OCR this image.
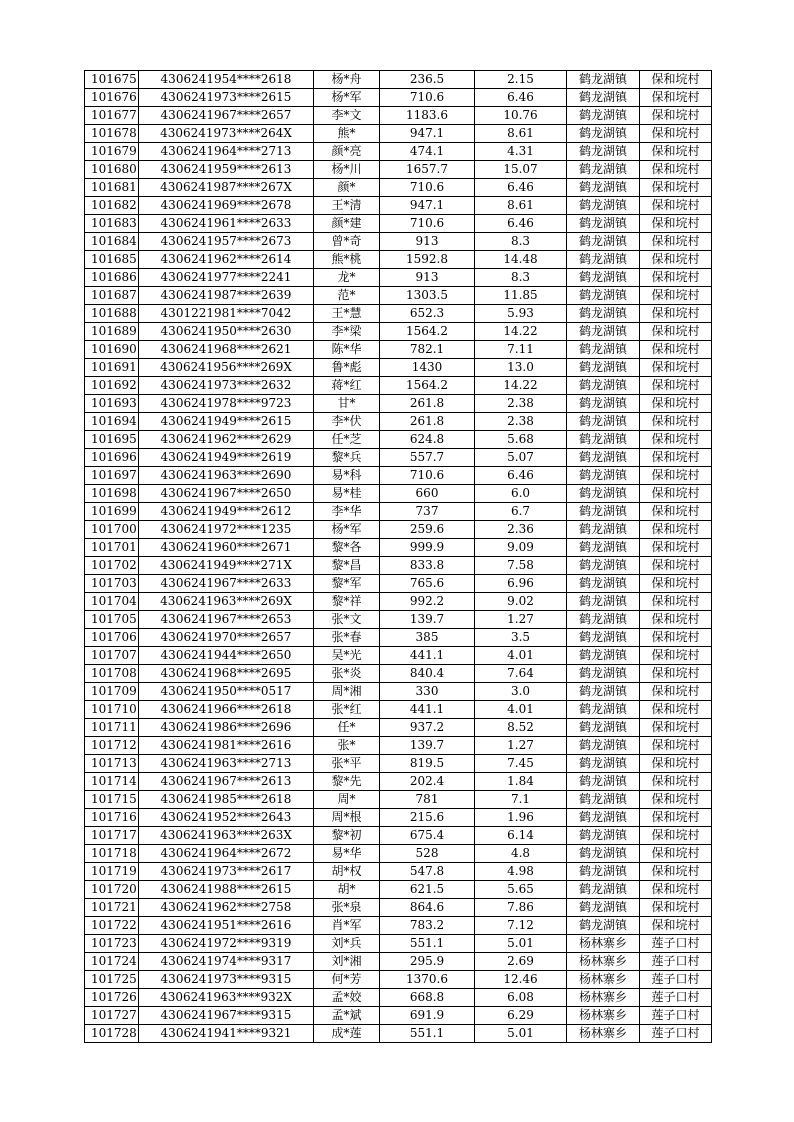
101675	4306241954****2618	杨*舟	236.5	2.15	鹤龙湖镇	保和垸村
101676	4306241973****2615	杨*军	710.6	6.46	鹤龙湖镇	保和垸村
101677	4306241967****2657	李*文	1183.6	10.76	鹤龙湖镇	保和垸村
101678	4306241973****264X	熊*	947.1	8.61	鹤龙湖镇	保和垸村
101679	4306241964****2713	颜*亮	474.1	4.31	鹤龙湖镇	保和垸村
101680	4306241959****2613	杨*川	1657.7	15.07	鹤龙湖镇	保和垸村
101681	4306241987****267X	颜*	710.6	6.46	鹤龙湖镇	保和垸村
101682	4306241969****2678	王*清	947.1	8.61	鹤龙湖镇	保和垸村
101683	4306241961****2633	颜*建	710.6	6.46	鹤龙湖镇	保和垸村
101684	4306241957****2673	曾*奇	913	8.3	鹤龙湖镇	保和垸村
101685	4306241962****2614	熊*桃	1592.8	14.48	鹤龙湖镇	保和垸村
101686	4306241977****2241	龙*	913	8.3	鹤龙湖镇	保和垸村
101687	4306241987****2639	范*	1303.5	11.85	鹤龙湖镇	保和垸村
101688	4301221981****7042	王*慧	652.3	5.93	鹤龙湖镇	保和垸村
101689	4306241950****2630	李*梁	1564.2	14.22	鹤龙湖镇	保和垸村
101690	4306241968****2621	陈*华	782.1	7.11	鹤龙湖镇	保和垸村
101691	4306241956****269X	鲁*彪	1430	13.0	鹤龙湖镇	保和垸村
101692	4306241973****2632	蒋*红	1564.2	14.22	鹤龙湖镇	保和垸村
101693	4306241978****9723	甘*	261.8	2.38	鹤龙湖镇	保和垸村
101694	4306241949****2615	李*伏	261.8	2.38	鹤龙湖镇	保和垸村
101695	4306241962****2629	任*芝	624.8	5.68	鹤龙湖镇	保和垸村
101696	4306241949****2619	黎*兵	557.7	5.07	鹤龙湖镇	保和垸村
101697	4306241963****2690	易*科	710.6	6.46	鹤龙湖镇	保和垸村
101698	4306241967****2650	易*桂	660	6.0	鹤龙湖镇	保和垸村
101699	4306241949****2612	李*华	737	6.7	鹤龙湖镇	保和垸村
101700	4306241972****1235	杨*军	259.6	2.36	鹤龙湖镇	保和垸村
101701	4306241960****2671	黎*各	999.9	9.09	鹤龙湖镇	保和垸村
101702	4306241949****271X	黎*昌	833.8	7.58	鹤龙湖镇	保和垸村
101703	4306241967****2633	黎*军	765.6	6.96	鹤龙湖镇	保和垸村
101704	4306241963****269X	黎*祥	992.2	9.02	鹤龙湖镇	保和垸村
101705	4306241967****2653	张*文	139.7	1.27	鹤龙湖镇	保和垸村
101706	4306241970****2657	张*春	385	3.5	鹤龙湖镇	保和垸村
101707	4306241944****2650	吴*光	441.1	4.01	鹤龙湖镇	保和垸村
101708	4306241968****2695	张*炎	840.4	7.64	鹤龙湖镇	保和垸村
101709	4306241950****0517	周*湘	330	3.0	鹤龙湖镇	保和垸村
101710	4306241966****2618	张*红	441.1	4.01	鹤龙湖镇	保和垸村
101711	4306241986****2696	任*	937.2	8.52	鹤龙湖镇	保和垸村
101712	4306241981****2616	张*	139.7	1.27	鹤龙湖镇	保和垸村
101713	4306241963****2713	张*平	819.5	7.45	鹤龙湖镇	保和垸村
101714	4306241967****2613	黎*先	202.4	1.84	鹤龙湖镇	保和垸村
101715	4306241985****2618	周*	781	7.1	鹤龙湖镇	保和垸村
101716	4306241952****2643	周*根	215.6	1.96	鹤龙湖镇	保和垸村
101717	4306241963****263X	黎*初	675.4	6.14	鹤龙湖镇	保和垸村
101718	4306241964****2672	易*华	528	4.8	鹤龙湖镇	保和垸村
101719	4306241973****2617	胡*权	547.8	4.98	鹤龙湖镇	保和垸村
101720	4306241988****2615	胡*	621.5	5.65	鹤龙湖镇	保和垸村
101721	4306241962****2758	张*泉	864.6	7.86	鹤龙湖镇	保和垸村
101722	4306241951****2616	肖*军	783.2	7.12	鹤龙湖镇	保和垸村
101723	4306241972****9319	刘*兵	551.1	5.01	杨林寨乡	莲子口村
101724	4306241974****9317	刘*湘	295.9	2.69	杨林寨乡	莲子口村
101725	4306241973****9315	何*芳	1370.6	12.46	杨林寨乡	莲子口村
101726	4306241963****932X	孟*姣	668.8	6.08	杨林寨乡	莲子口村
101727	4306241967****9315	孟*斌	691.9	6.29	杨林寨乡	莲子口村
101728	4306241941****9321	成*莲	551.1	5.01	杨林寨乡	莲子口村
